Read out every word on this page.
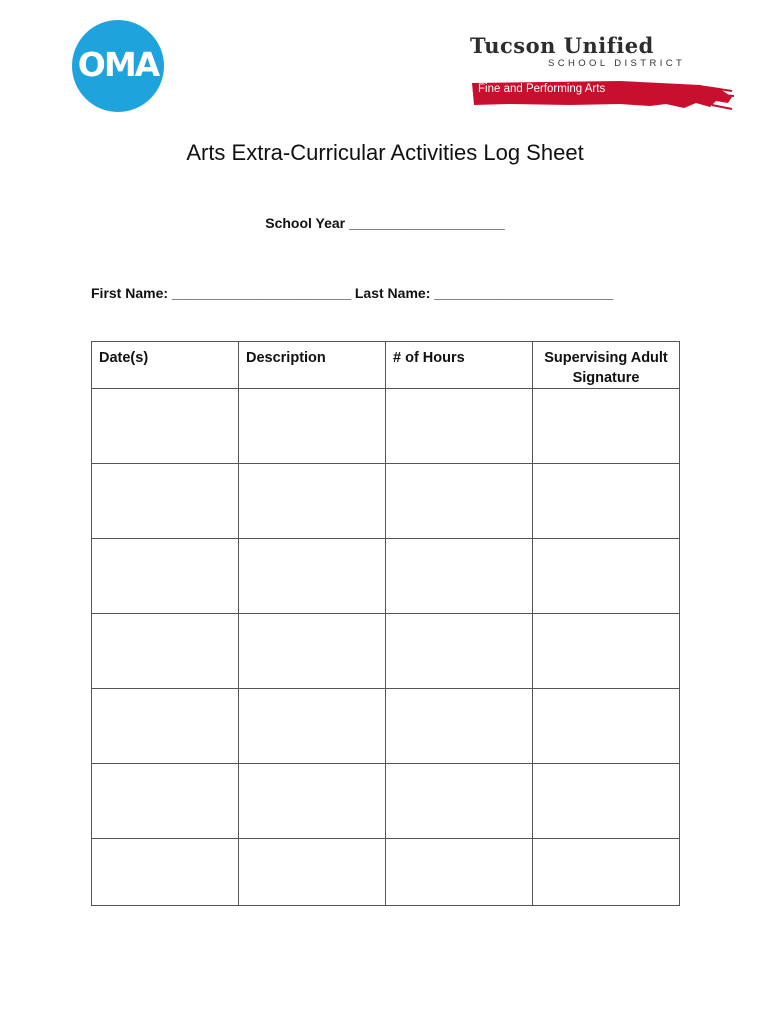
OMA	Tucson Unified
SCHOOL DISTRICT
Fine and Performing Arts
Arts Extra-Curricular Activities Log Sheet
School Year ____________________
First Name: _______________________ Last Name: _______________________
Date(s)	Description	# of Hours	Supervising Adult Signature
